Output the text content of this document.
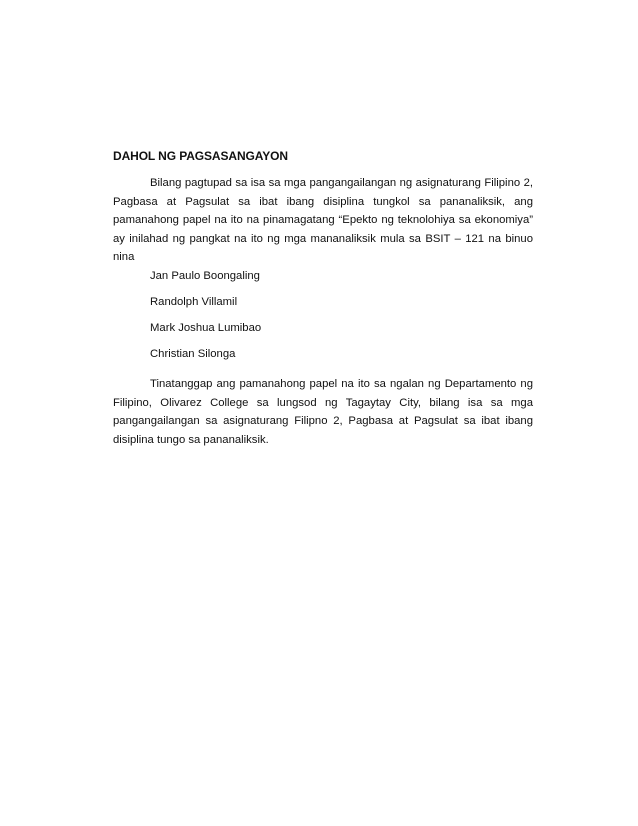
DAHOL NG PAGSASANGAYON

Bilang pagtupad sa isa sa mga pangangailangan ng asignaturang Filipino 2, Pagbasa at Pagsulat sa ibat ibang disiplina tungkol sa pananaliksik, ang pamanahong papel na ito na pinamagatang “Epekto ng teknolohiya sa ekonomiya” ay inilahad ng pangkat na ito ng mga mananaliksik mula sa BSIT – 121 na binuo nina

Jan Paulo Boongaling
Randolph Villamil
Mark Joshua Lumibao
Christian Silonga

Tinatanggap ang pamanahong papel na ito sa ngalan ng Departamento ng Filipino, Olivarez College sa lungsod ng Tagaytay City, bilang isa sa mga pangangailangan sa asignaturang Filipno 2, Pagbasa at Pagsulat sa ibat ibang disiplina tungo sa pananaliksik.
